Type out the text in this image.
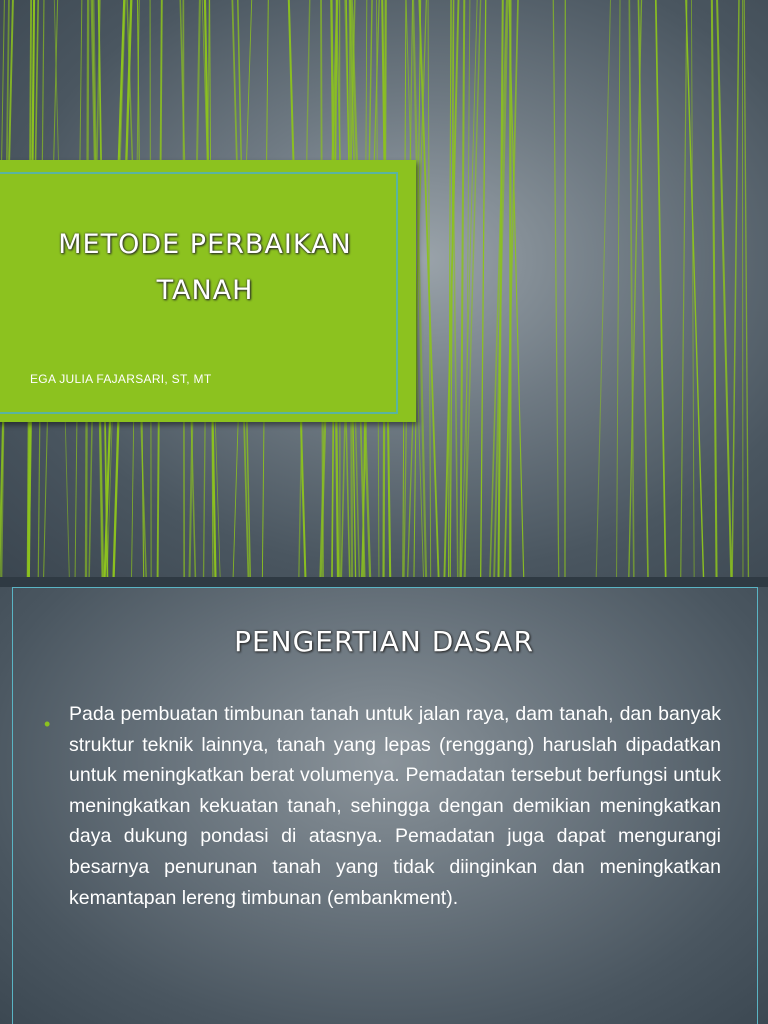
METODE PERBAIKAN
TANAH

EGA JULIA FAJARSARI, ST, MT

PENGERTIAN DASAR
• Pada pembuatan timbunan tanah untuk jalan raya, dam tanah, dan banyak struktur teknik lainnya, tanah yang lepas (renggang) haruslah dipadatkan untuk meningkatkan berat volumenya. Pemadatan tersebut berfungsi untuk meningkatkan kekuatan tanah, sehingga dengan demikian meningkatkan daya dukung pondasi di atasnya. Pemadatan juga dapat mengurangi besarnya penurunan tanah yang tidak diinginkan dan meningkatkan kemantapan lereng timbunan (embankment).
